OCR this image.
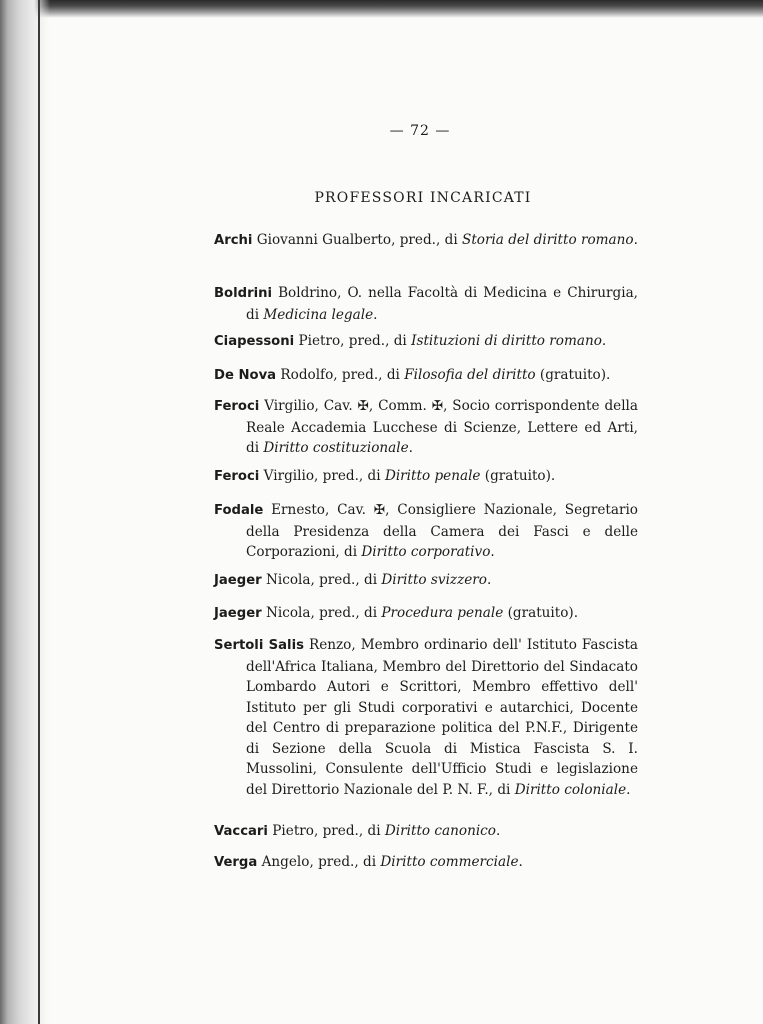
— 72 —
PROFESSORI INCARICATI
Archi Giovanni Gualberto, pred., di Storia del diritto romano.
Boldrini Boldrino, O. nella Facoltà di Medicina e Chirurgia, di Medicina legale.
Ciapessoni Pietro, pred., di Istituzioni di diritto romano.
De Nova Rodolfo, pred., di Filosofia del diritto (gratuito).
Feroci Virgilio, Cav. ✠, Comm. ✠, Socio corrispondente della Reale Accademia Lucchese di Scienze, Lettere ed Arti, di Diritto costituzionale.
Feroci Virgilio, pred., di Diritto penale (gratuito).
Fodale Ernesto, Cav. ✠, Consigliere Nazionale, Segretario della Presidenza della Camera dei Fasci e delle Corporazioni, di Diritto corporativo.
Jaeger Nicola, pred., di Diritto svizzero.
Jaeger Nicola, pred., di Procedura penale (gratuito).
Sertoli Salis Renzo, Membro ordinario dell' Istituto Fascista dell'Africa Italiana, Membro del Direttorio del Sindacato Lombardo Autori e Scrittori, Membro effettivo dell' Istituto per gli Studi corporativi e autarchici, Docente del Centro di preparazione politica del P.N.F., Dirigente di Sezione della Scuola di Mistica Fascista S. I. Mussolini, Consulente dell'Ufficio Studi e legislazione del Direttorio Nazionale del P. N. F., di Diritto coloniale.
Vaccari Pietro, pred., di Diritto canonico.
Verga Angelo, pred., di Diritto commerciale.
